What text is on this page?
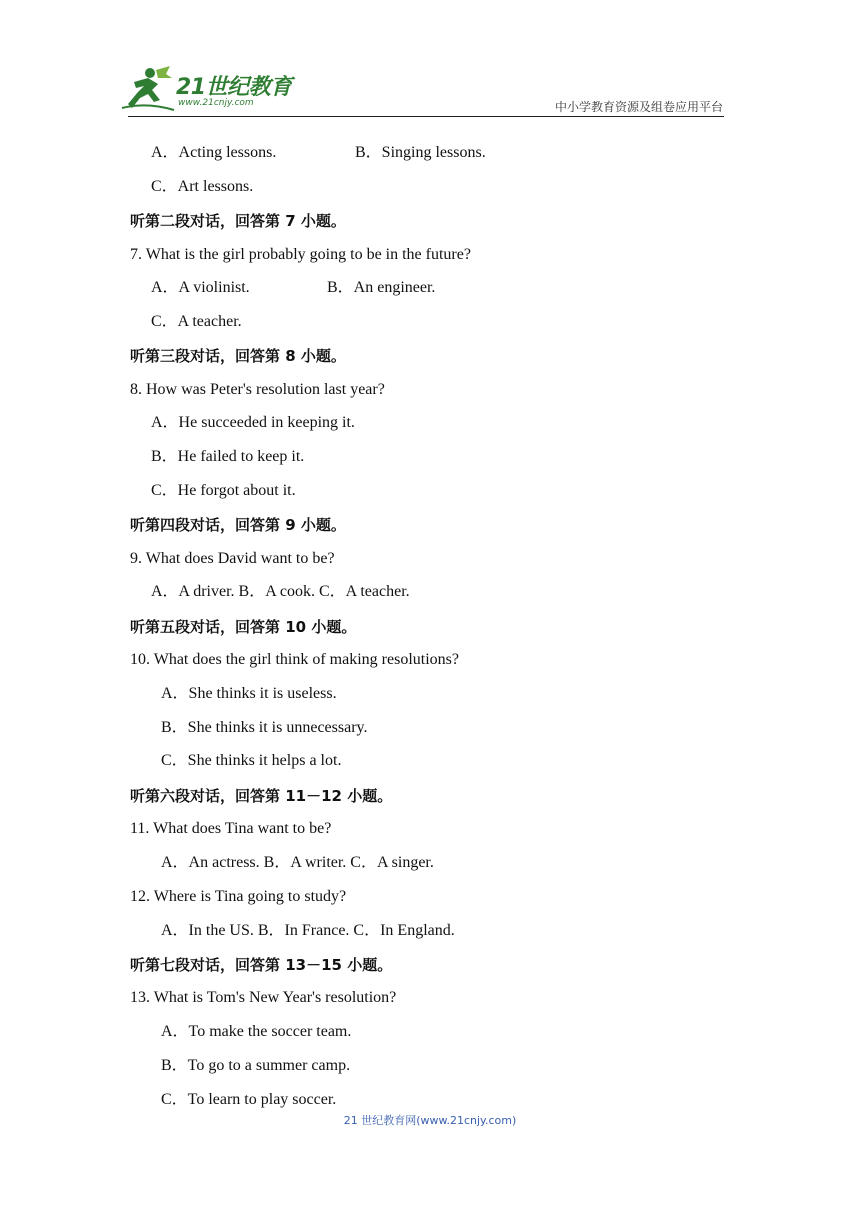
21世纪教育
www.21cnjy.com	中小学教育资源及组卷应用平台
A．Acting lessons.	B．Singing lessons.
C．Art lessons.
听第二段对话，回答第 7 小题。
7. What is the girl probably going to be in the future?
A．A violinist.	B．An engineer.
C．A teacher.
听第三段对话，回答第 8 小题。
8. How was Peter's resolution last year?
A．He succeeded in keeping it.
B．He failed to keep it.
C．He forgot about it.
听第四段对话，回答第 9 小题。
9. What does David want to be?
A．A driver. B．A cook. C．A teacher.
听第五段对话，回答第 10 小题。
10. What does the girl think of making resolutions?
A．She thinks it is useless.
B．She thinks it is unnecessary.
C．She thinks it helps a lot.
听第六段对话，回答第 11－12 小题。
11. What does Tina want to be?
A．An actress. B．A writer. C．A singer.
12. Where is Tina going to study?
A．In the US. B．In France. C．In England.
听第七段对话，回答第 13－15 小题。
13. What is Tom's New Year's resolution?
A．To make the soccer team.
B．To go to a summer camp.
C．To learn to play soccer.
21 世纪教育网(www.21cnjy.com)
